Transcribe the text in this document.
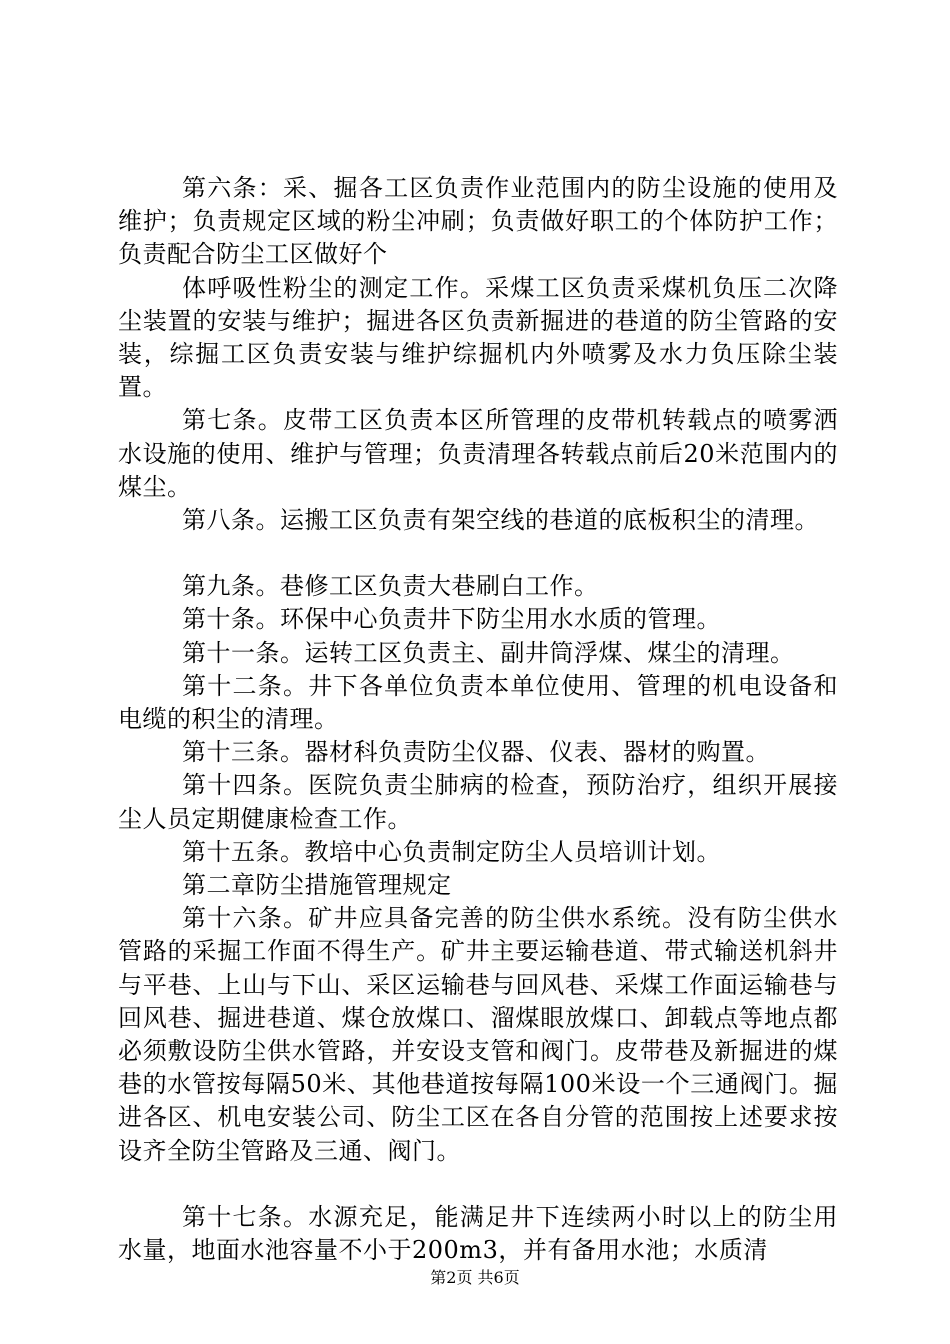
第六条：采、掘各工区负责作业范围内的防尘设施的使用及维护；负责规定区域的粉尘冲刷；负责做好职工的个体防护工作；负责配合防尘工区做好个

体呼吸性粉尘的测定工作。采煤工区负责采煤机负压二次降尘装置的安装与维护；掘进各区负责新掘进的巷道的防尘管路的安装，综掘工区负责安装与维护综掘机内外喷雾及水力负压除尘装置。

第七条。皮带工区负责本区所管理的皮带机转载点的喷雾洒水设施的使用、维护与管理；负责清理各转载点前后20米范围内的煤尘。

第八条。运搬工区负责有架空线的巷道的底板积尘的清理。

第九条。巷修工区负责大巷刷白工作。

第十条。环保中心负责井下防尘用水水质的管理。

第十一条。运转工区负责主、副井筒浮煤、煤尘的清理。

第十二条。井下各单位负责本单位使用、管理的机电设备和电缆的积尘的清理。

第十三条。器材科负责防尘仪器、仪表、器材的购置。

第十四条。医院负责尘肺病的检查，预防治疗，组织开展接尘人员定期健康检查工作。

第十五条。教培中心负责制定防尘人员培训计划。

第二章防尘措施管理规定

第十六条。矿井应具备完善的防尘供水系统。没有防尘供水管路的采掘工作面不得生产。矿井主要运输巷道、带式输送机斜井与平巷、上山与下山、采区运输巷与回风巷、采煤工作面运输巷与回风巷、掘进巷道、煤仓放煤口、溜煤眼放煤口、卸载点等地点都必须敷设防尘供水管路，并安设支管和阀门。皮带巷及新掘进的煤巷的水管按每隔50米、其他巷道按每隔100米设一个三通阀门。掘进各区、机电安装公司、防尘工区在各自分管的范围按上述要求按设齐全防尘管路及三通、阀门。

第十七条。水源充足，能满足井下连续两小时以上的防尘用水量，地面水池容量不小于200m3，并有备用水池；水质清

第2页 共6页
